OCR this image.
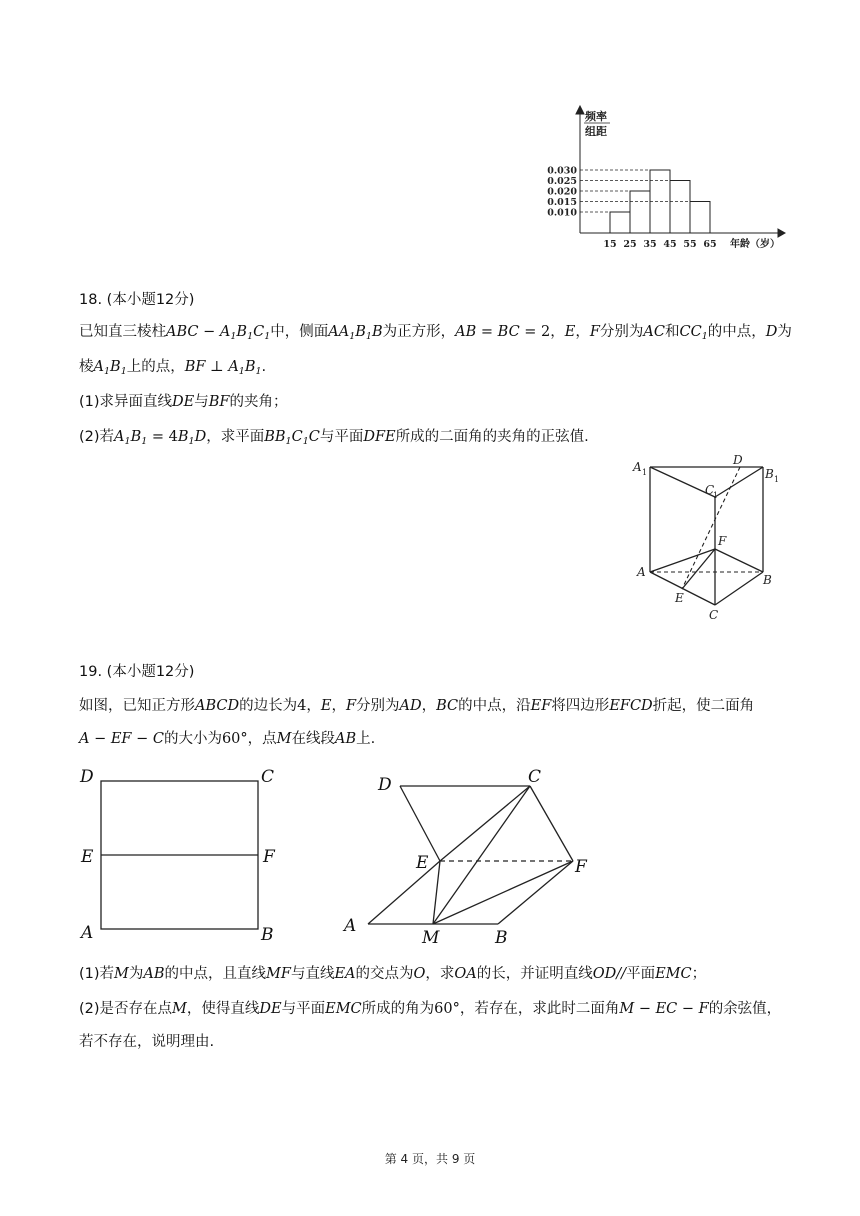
0.010
0.015
0.020
0.025
0.030
15 25 35 45 55 65
频率
组距
年龄（岁）
18. (本小题12分)
已知直三棱柱ABC − $A_1B_1C_1$中，侧面$AA_1B_1B$为正方形，AB = BC = 2，E，F分别为AC和$CC_1$的中点，D为
棱$A_1B_1$上的点，BF ⊥ $A_1B_1$.
(1)求异面直线DE与BF的夹角；
(2)若$A_1B_1 = 4B_1D$，求平面$BB_1C_1C$与平面DFE所成的二面角的夹角的正弦值.
A 1
D
B 1
C
1
F
A
B
E
C
19. (本小题12分)
如图，已知正方形ABCD的边长为4，E，F分别为AD，BC的中点，沿EF将四边形EFCD折起，使二面角
A − EF − C的大小为60°，点M在线段AB上.
D	C
E	F
A	B
D	C
E	F
A
M	B
(1)若M为AB的中点，且直线MF与直线EA的交点为O，求OA的长，并证明直线OD//平面EMC；
(2)是否存在点M，使得直线DE与平面EMC所成的角为60°，若存在，求此时二面角M − EC − F的余弦值，
若不存在，说明理由.
第 4 页，共 9 页
